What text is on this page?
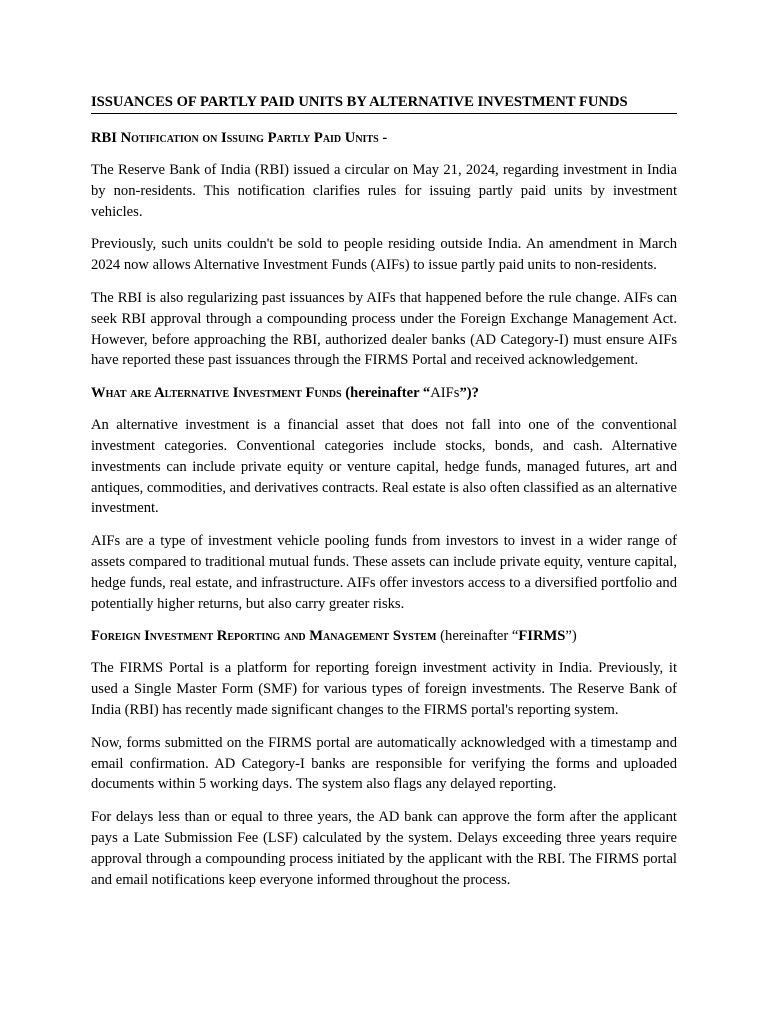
ISSUANCES OF PARTLY PAID UNITS BY ALTERNATIVE INVESTMENT FUNDS
RBI Notification on Issuing Partly Paid Units -

The Reserve Bank of India (RBI) issued a circular on May 21, 2024, regarding investment in India by non-residents. This notification clarifies rules for issuing partly paid units by investment vehicles.

Previously, such units couldn't be sold to people residing outside India. An amendment in March 2024 now allows Alternative Investment Funds (AIFs) to issue partly paid units to non-residents.

The RBI is also regularizing past issuances by AIFs that happened before the rule change. AIFs can seek RBI approval through a compounding process under the Foreign Exchange Management Act. However, before approaching the RBI, authorized dealer banks (AD Category-I) must ensure AIFs have reported these past issuances through the FIRMS Portal and received acknowledgement.

What are Alternative Investment Funds (hereinafter “AIFs”)?

An alternative investment is a financial asset that does not fall into one of the conventional investment categories. Conventional categories include stocks, bonds, and cash. Alternative investments can include private equity or venture capital, hedge funds, managed futures, art and antiques, commodities, and derivatives contracts. Real estate is also often classified as an alternative investment.

AIFs are a type of investment vehicle pooling funds from investors to invest in a wider range of assets compared to traditional mutual funds. These assets can include private equity, venture capital, hedge funds, real estate, and infrastructure. AIFs offer investors access to a diversified portfolio and potentially higher returns, but also carry greater risks.

Foreign Investment Reporting and Management System (hereinafter “FIRMS”)

The FIRMS Portal is a platform for reporting foreign investment activity in India. Previously, it used a Single Master Form (SMF) for various types of foreign investments. The Reserve Bank of India (RBI) has recently made significant changes to the FIRMS portal's reporting system.

Now, forms submitted on the FIRMS portal are automatically acknowledged with a timestamp and email confirmation. AD Category-I banks are responsible for verifying the forms and uploaded documents within 5 working days. The system also flags any delayed reporting.

For delays less than or equal to three years, the AD bank can approve the form after the applicant pays a Late Submission Fee (LSF) calculated by the system. Delays exceeding three years require approval through a compounding process initiated by the applicant with the RBI. The FIRMS portal and email notifications keep everyone informed throughout the process.
